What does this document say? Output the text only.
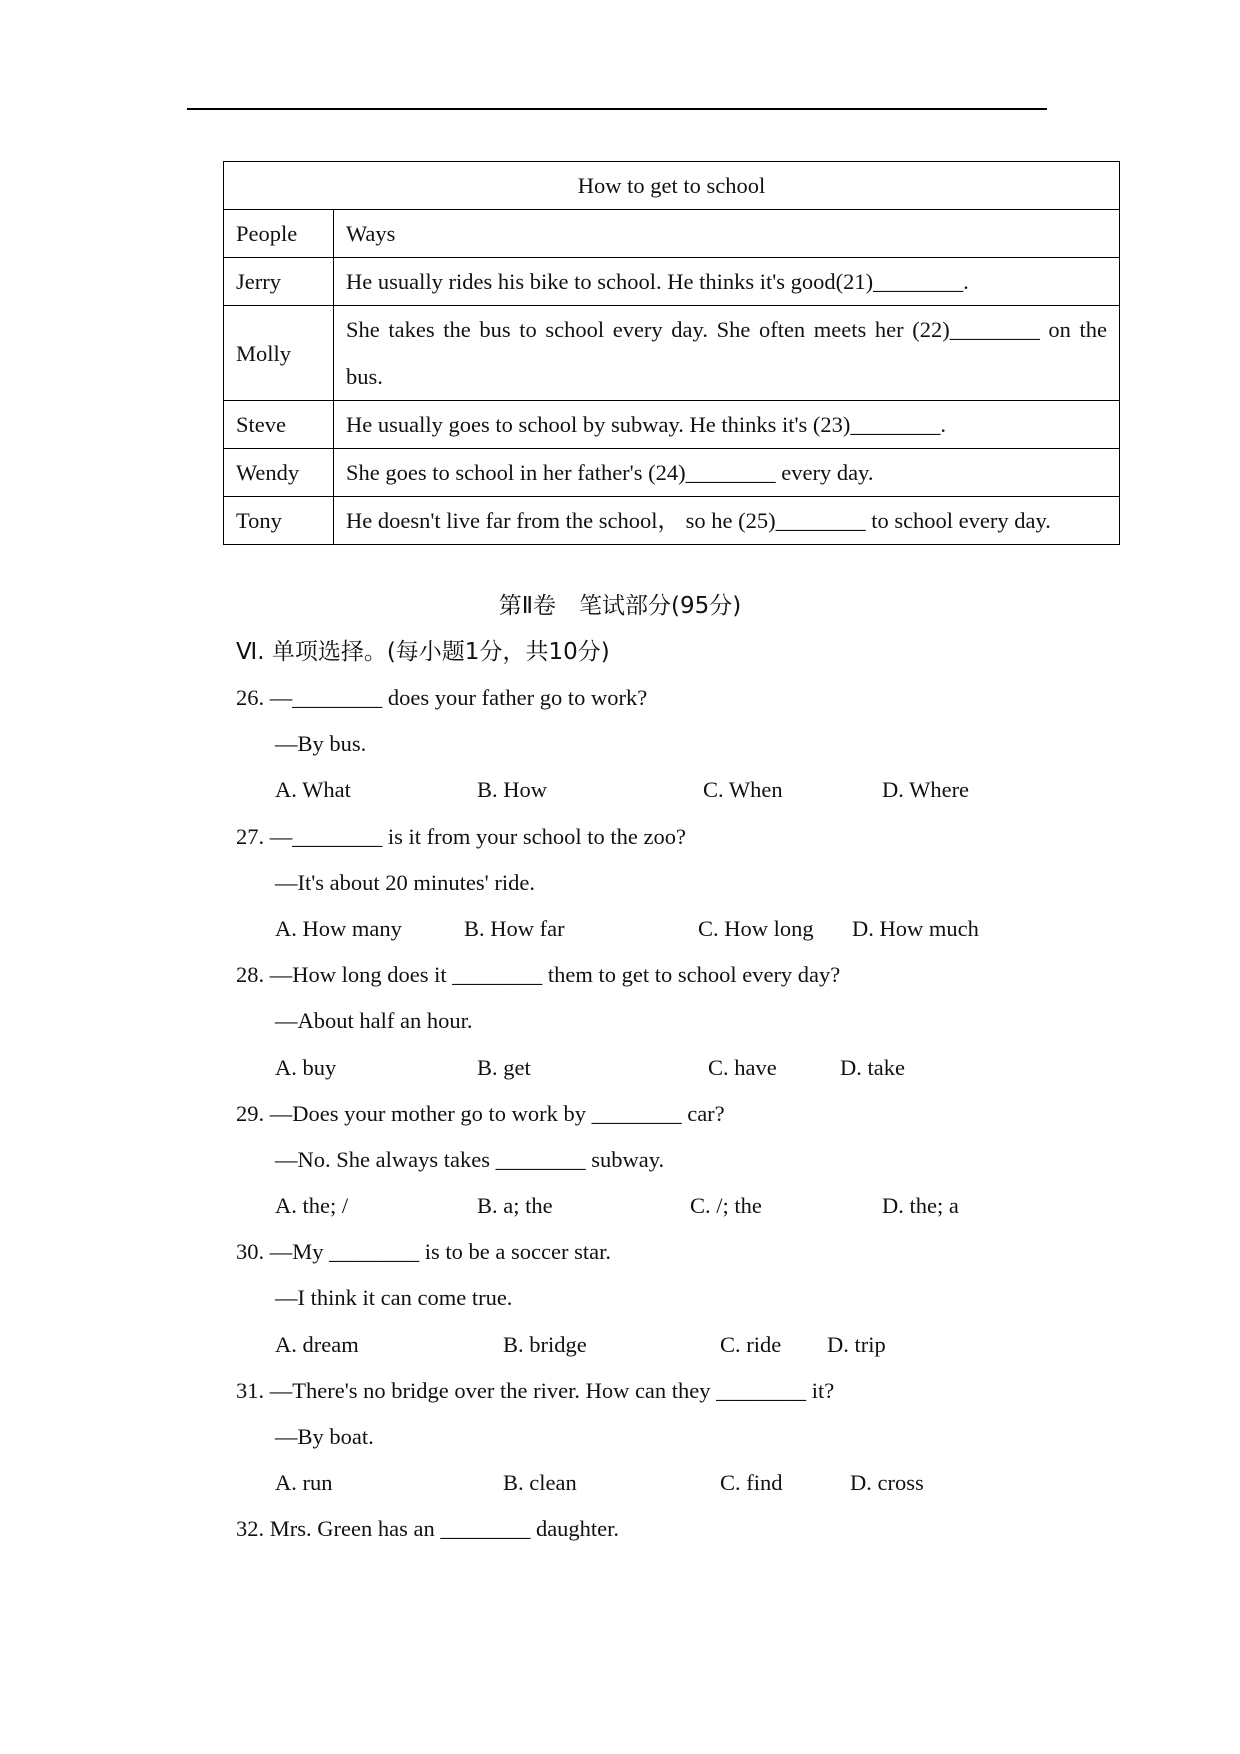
How to get to school	
People	Ways
Jerry	He usually rides his bike to school. He thinks it's good(21)________.
Molly	She takes the bus to school every day. She often meets her (22)________ on the bus.
Steve	He usually goes to school by subway. He thinks it's (23)________.
Wendy	She goes to school in her father's (24)________ every day.
Tony	He doesn't live far from the school， so he (25)________ to school every day.
第Ⅱ卷　笔试部分(95分)
Ⅵ. 单项选择。(每小题1分，共10分)
26. —________ does your father go to work?
—By bus.
A. What	B. How	C. When	D. Where
27. —________ is it from your school to the zoo?
—It's about 20 minutes' ride.
A. How many	B. How far	C. How long D. How much
28. —How long does it ________ them to get to school every day?
—About half an hour.
A. buy	B. get	C. have	D. take
29. —Does your mother go to work by ________ car?
—No. She always takes ________ subway.
A. the; /	B. a; the	C. /; the	D. the; a
30. —My ________ is to be a soccer star.
—I think it can come true.
A. dream	B. bridge	C. ride D. trip
31. —There's no bridge over the river. How can they ________ it?
—By boat.
A. run	B. clean	C. find	D. cross
32. Mrs. Green has an ________ daughter.
